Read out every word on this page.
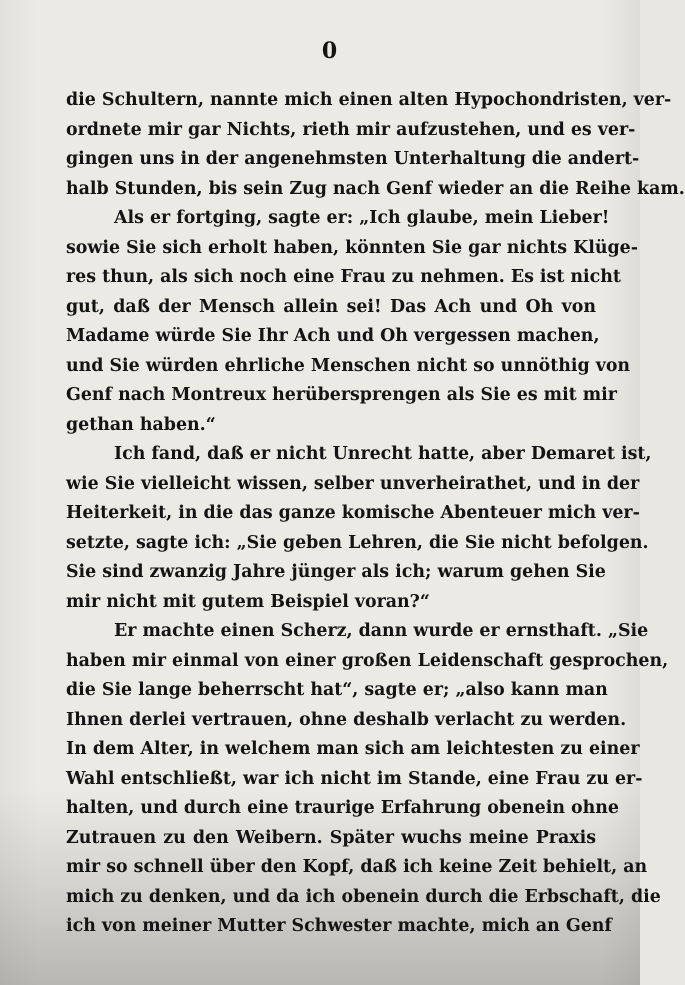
0
die Schultern, nannte mich einen alten Hypochondristen, ver-
ordnete mir gar Nichts, rieth mir aufzustehen, und es ver-
gingen uns in der angenehmsten Unterhaltung die andert-
halb Stunden, bis sein Zug nach Genf wieder an die Reihe kam.
Als er fortging, sagte er: „Ich glaube, mein Lieber!
sowie Sie sich erholt haben, könnten Sie gar nichts Klüge-
res thun, als sich noch eine Frau zu nehmen. Es ist nicht
gut, daß der Mensch allein sei! Das Ach und Oh von
Madame würde Sie Ihr Ach und Oh vergessen machen,
und Sie würden ehrliche Menschen nicht so unnöthig von
Genf nach Montreux herübersprengen als Sie es mit mir
gethan haben.“
Ich fand, daß er nicht Unrecht hatte, aber Demaret ist,
wie Sie vielleicht wissen, selber unverheirathet, und in der
Heiterkeit, in die das ganze komische Abenteuer mich ver-
setzte, sagte ich: „Sie geben Lehren, die Sie nicht befolgen.
Sie sind zwanzig Jahre jünger als ich; warum gehen Sie
mir nicht mit gutem Beispiel voran?“
Er machte einen Scherz, dann wurde er ernsthaft. „Sie
haben mir einmal von einer großen Leidenschaft gesprochen,
die Sie lange beherrscht hat“, sagte er; „also kann man
Ihnen derlei vertrauen, ohne deshalb verlacht zu werden.
In dem Alter, in welchem man sich am leichtesten zu einer
Wahl entschließt, war ich nicht im Stande, eine Frau zu er-
halten, und durch eine traurige Erfahrung obenein ohne
Zutrauen zu den Weibern. Später wuchs meine Praxis
mir so schnell über den Kopf, daß ich keine Zeit behielt, an
mich zu denken, und da ich obenein durch die Erbschaft, die
ich von meiner Mutter Schwester machte, mich an Genf
